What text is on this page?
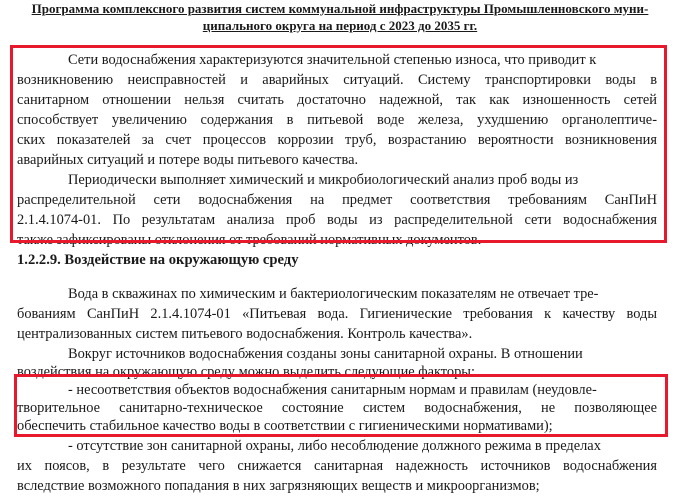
Программа комплексного развития систем коммунальной инфраструктуры Промышленновского муни-
ципального округа на период с 2023 до 2035 гг.
Сети водоснабжения характеризуются значительной степенью износа, что приводит к
возникновению неисправностей и аварийных ситуаций. Систему транспортировки воды в
санитарном отношении нельзя считать достаточно надежной, так как изношенность сетей
способствует увеличению содержания в питьевой воде железа, ухудшению органолептиче-
ских показателей за счет процессов коррозии труб, возрастанию вероятности возникновения
аварийных ситуаций и потере воды питьевого качества.
Периодически выполняет химический и микробиологический анализ проб воды из
распределительной сети водоснабжения на предмет соответствия требованиям СанПиН
2.1.4.1074-01. По результатам анализа проб воды из распределительной сети водоснабжения
также зафиксированы отклонения от требований нормативных документов.
1.2.2.9. Воздействие на окружающую среду
Вода в скважинах по химическим и бактериологическим показателям не отвечает тре-
бованиям СанПиН 2.1.4.1074-01 «Питьевая вода. Гигиенические требования к качеству воды
централизованных систем питьевого водоснабжения. Контроль качества».
Вокруг источников водоснабжения созданы зоны санитарной охраны. В отношении
воздействия на окружающую среду можно выделить следующие факторы:
- несоответствия объектов водоснабжения санитарным нормам и правилам (неудовле-
творительное санитарно-техническое состояние систем водоснабжения, не позволяющее
обеспечить стабильное качество воды в соответствии с гигиеническими нормативами);
- отсутствие зон санитарной охраны, либо несоблюдение должного режима в пределах
их поясов, в результате чего снижается санитарная надежность источников водоснабжения
вследствие возможного попадания в них загрязняющих веществ и микроорганизмов;
